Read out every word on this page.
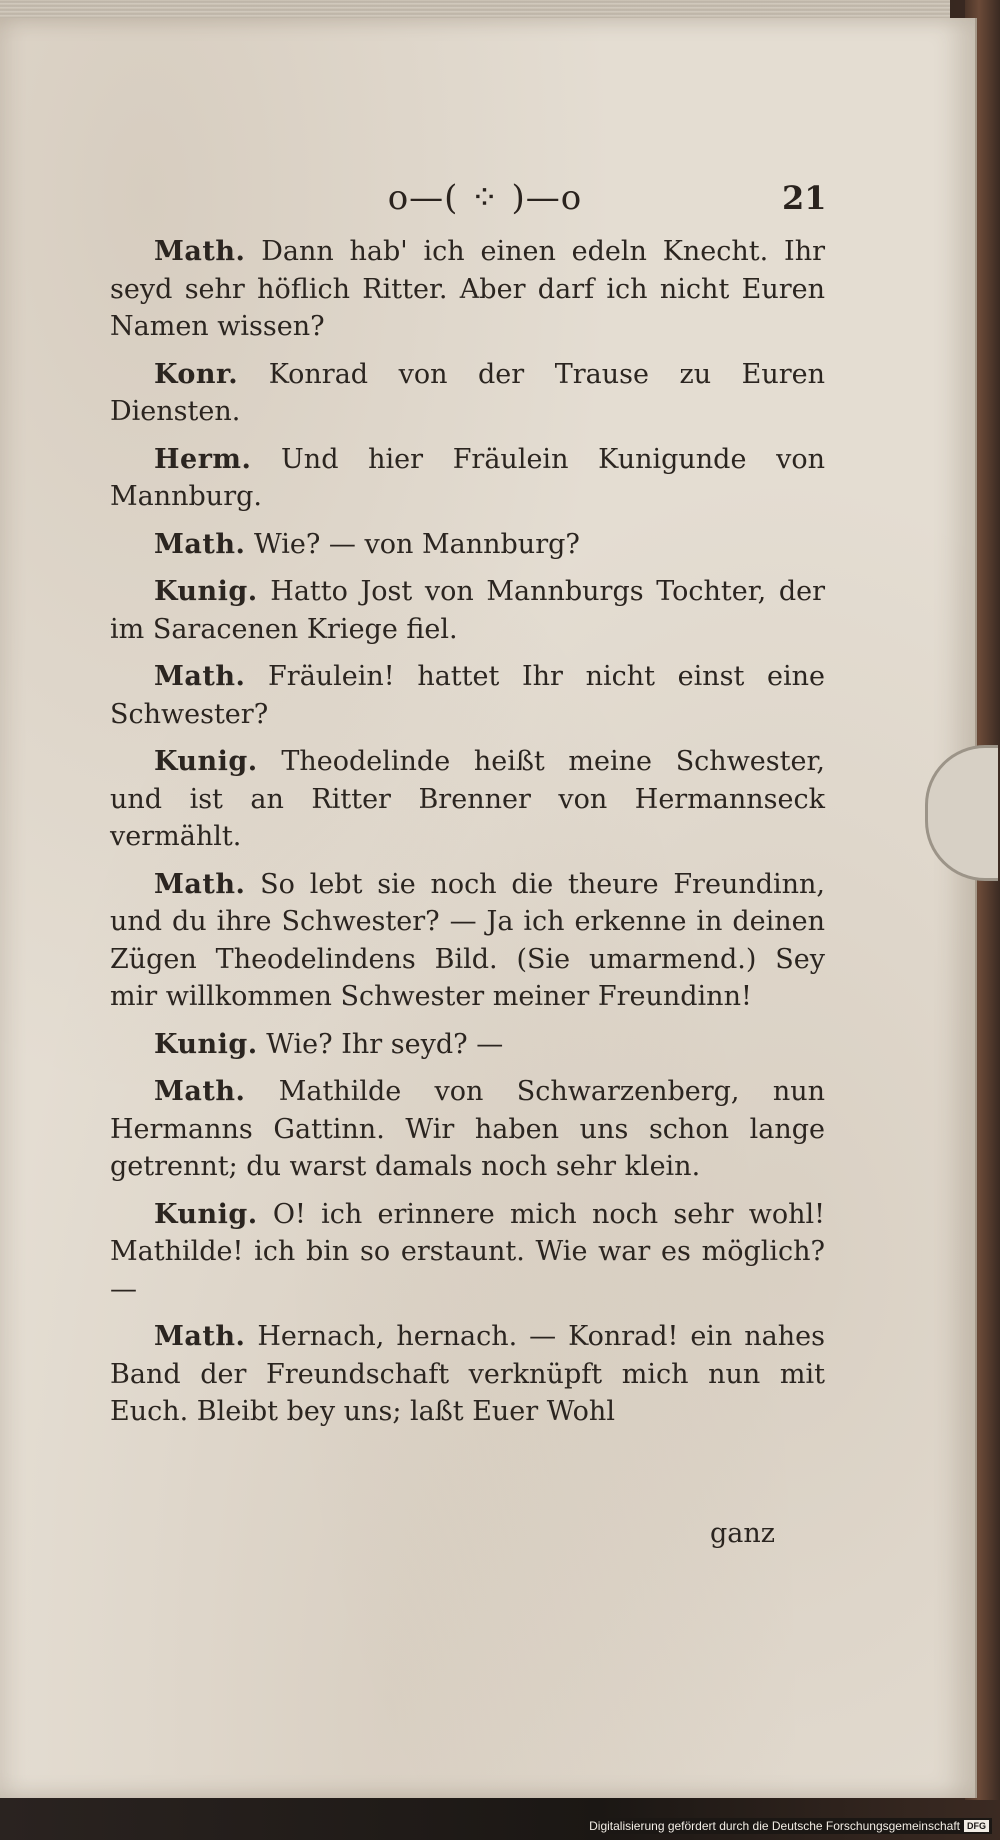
o—( ⁘ )—o	21

Math. Dann hab' ich einen edeln Knecht. Ihr seyd sehr höflich Ritter. Aber darf ich nicht Euren Namen wissen?

Konr. Konrad von der Trause zu Euren Diensten.

Herm. Und hier Fräulein Kunigunde von Mannburg.

Math. Wie? — von Mannburg?

Kunig. Hatto Jost von Mannburgs Tochter, der im Saracenen Kriege fiel.

Math. Fräulein! hattet Ihr nicht einst eine Schwester?

Kunig. Theodelinde heißt meine Schwester, und ist an Ritter Brenner von Hermannseck vermählt.

Math. So lebt sie noch die theure Freundinn, und du ihre Schwester? — Ja ich erkenne in deinen Zügen Theodelindens Bild. (Sie umarmend.) Sey mir willkommen Schwester meiner Freundinn!

Kunig. Wie? Ihr seyd? —

Math. Mathilde von Schwarzenberg, nun Hermanns Gattinn. Wir haben uns schon lange getrennt; du warst damals noch sehr klein.

Kunig. O! ich erinnere mich noch sehr wohl! Mathilde! ich bin so erstaunt. Wie war es möglich? —

Math. Hernach, hernach. — Konrad! ein nahes Band der Freundschaft verknüpft mich nun mit Euch. Bleibt bey uns; laßt Euer Wohl

ganz
Digitalisierung gefördert durch die Deutsche Forschungsgemeinschaft DFG
